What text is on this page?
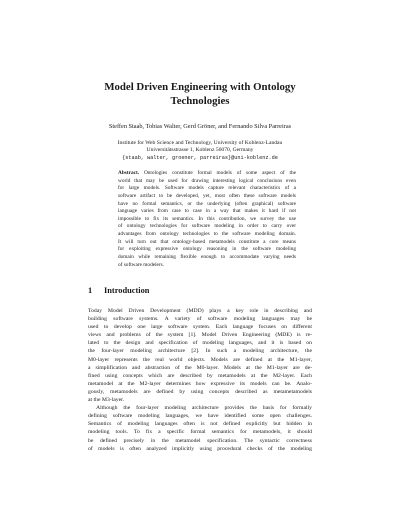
Model Driven Engineering with Ontology
Technologies
Steffen Staab, Tobias Walter, Gerd Gröner, and Fernando Silva Parreiras
Institute for Web Science and Technology, University of Koblenz-Landau
Universitätsstrasse 1, Koblenz 56070, Germany
{staab, walter, groener, parreiras}@uni-koblenz.de
Abstract. Ontologies constitute formal models of some aspect of the
world that may be used for drawing interesting logical conclusions even
for large models. Software models capture relevant characteristics of a
software artifact to be developed, yet, most often these software models
have no formal semantics, or the underlying (often graphical) software
language varies from case to case in a way that makes it hard if not
impossible to fix its semantics. In this contribution, we survey the use
of ontology technologies for software modeling in order to carry over
advantages from ontology technologies to the software modeling domain.
It will turn out that ontology-based metamodels constitute a core means
for exploiting expressive ontology reasoning in the software modeling
domain while remaining flexible enough to accommodate varying needs
of software modelers.
1 Introduction
Today Model Driven Development (MDD) plays a key role in describing and
building software systems. A variety of software modeling languages may be
used to develop one large software system. Each language focuses on different
views and problems of the system [1]. Model Driven Engineering (MDE) is re-
lated to the design and specification of modeling languages, and it is based on
the four-layer modeling architecture [2]. In such a modeling architecture, the
M0-layer represents the real world objects. Models are defined at the M1-layer,
a simplification and abstraction of the M0-layer. Models at the M1-layer are de-
fined using concepts which are described by metamodels at the M2-layer. Each
metamodel at the M2-layer determines how expressive its models can be. Analo-
gously, metamodels are defined by using concepts described as metametamodels
at the M3-layer.
Although the four-layer modeling architecture provides the basis for formally
defining software modeling languages, we have identified some open challenges.
Semantics of modeling languages often is not defined explicitly but hidden in
modeling tools. To fix a specific formal semantics for metamodels, it should
be defined precisely in the metamodel specification. The syntactic correctness
of models is often analyzed implicitly using procedural checks of the modeling
